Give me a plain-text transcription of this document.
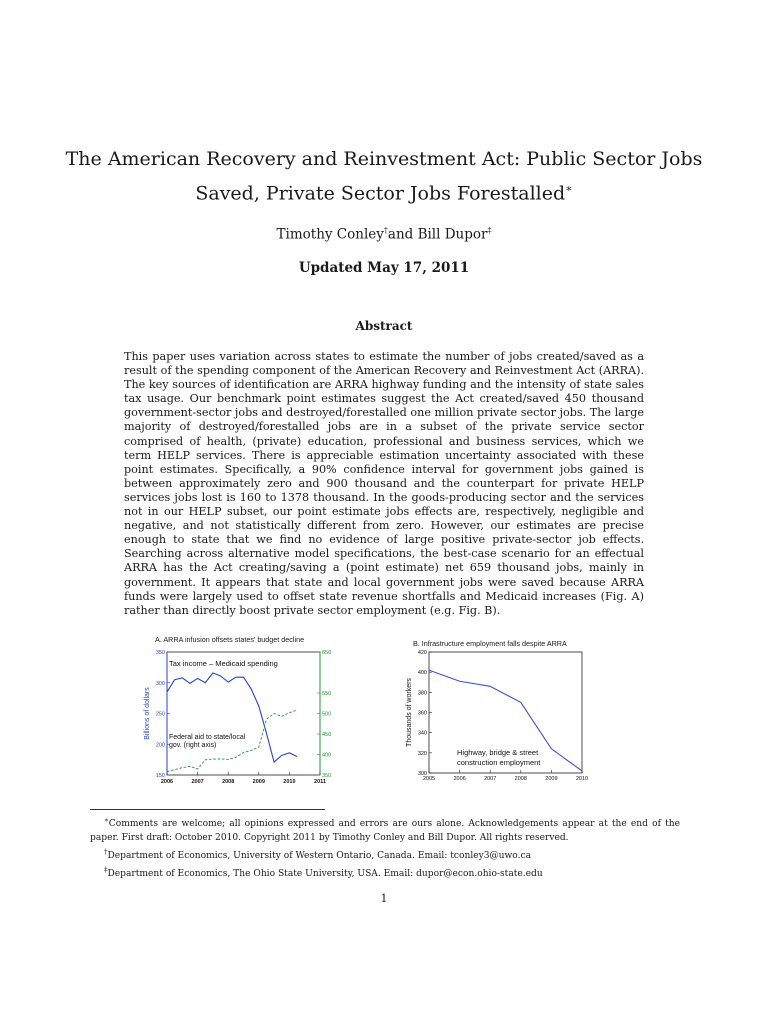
The American Recovery and Reinvestment Act: Public Sector Jobs
Saved, Private Sector Jobs Forestalled∗
Timothy Conley†and Bill Dupor‡
Updated May 17, 2011
Abstract
This paper uses variation across states to estimate the number of jobs created/saved as a result of the spending component of the American Recovery and Reinvestment Act (ARRA). The key sources of identification are ARRA highway funding and the intensity of state sales tax usage. Our benchmark point estimates suggest the Act created/saved 450 thousand government-sector jobs and destroyed/forestalled one million private sector jobs. The large majority of destroyed/forestalled jobs are in a subset of the private service sector comprised of health, (private) education, professional and business services, which we term HELP services. There is appreciable estimation uncertainty associated with these point estimates. Specifically, a 90% confidence interval for government jobs gained is between approximately zero and 900 thousand and the counterpart for private HELP services jobs lost is 160 to 1378 thousand. In the goods-producing sector and the services not in our HELP subset, our point estimate jobs effects are, respectively, negligible and negative, and not statistically different from zero. However, our estimates are precise enough to state that we find no evidence of large positive private-sector job effects. Searching across alternative model specifications, the best-case scenario for an effectual ARRA has the Act creating/saving a (point estimate) net 659 thousand jobs, mainly in government. It appears that state and local government jobs were saved because ARRA funds were largely used to offset state revenue shortfalls and Medicaid increases (Fig. A) rather than directly boost private sector employment (e.g. Fig. B).
A. ARRA infusion offsets states' budget decline
2006	2007	2008	2009	2010	2011
150
200
250
300
350
350
400
450
500
550
650
Billions of dollars
Tax income – Medicaid spending
Federal aid to state/local gov. (right axis)
B. Infrastructure employment falls despite ARRA
2005	2006	2007	2008	2009	2010
300
320
340
360
380
400
420
Thousands of workers
Highway, bridge & street construction employment

∗Comments are welcome; all opinions expressed and errors are ours alone. Acknowledgements appear at the end of the paper. First draft: October 2010. Copyright 2011 by Timothy Conley and Bill Dupor. All rights reserved.

†Department of Economics, University of Western Ontario, Canada. Email: tconley3@uwo.ca

‡Department of Economics, The Ohio State University, USA. Email: dupor@econ.ohio-state.edu

1
